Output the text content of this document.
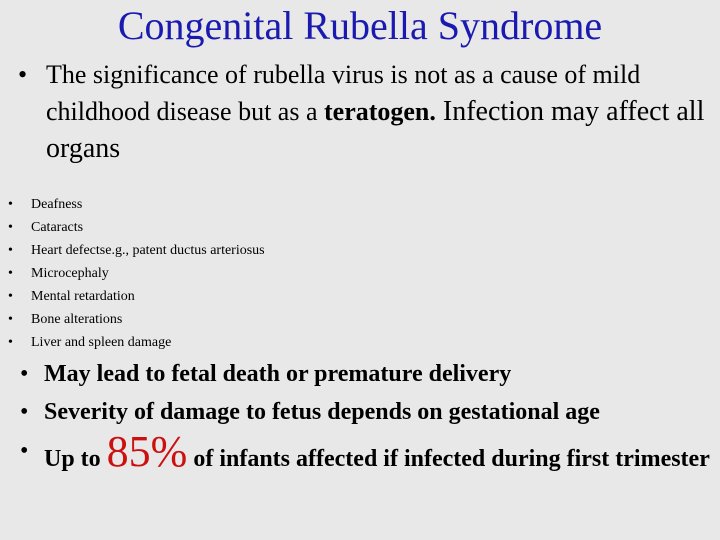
Congenital Rubella Syndrome
• The significance of rubella virus is not as a cause of mild childhood disease but as a teratogen. Infection may affect all organs
•	Deafness
•	Cataracts
•	Heart defectse.g., patent ductus arteriosus
•	Microcephaly
•	Mental retardation
•	Bone alterations
•	Liver and spleen damage
• May lead to fetal death or premature delivery
• Severity of damage to fetus depends on gestational age
• Up to 85% of infants affected if infected during first trimester
